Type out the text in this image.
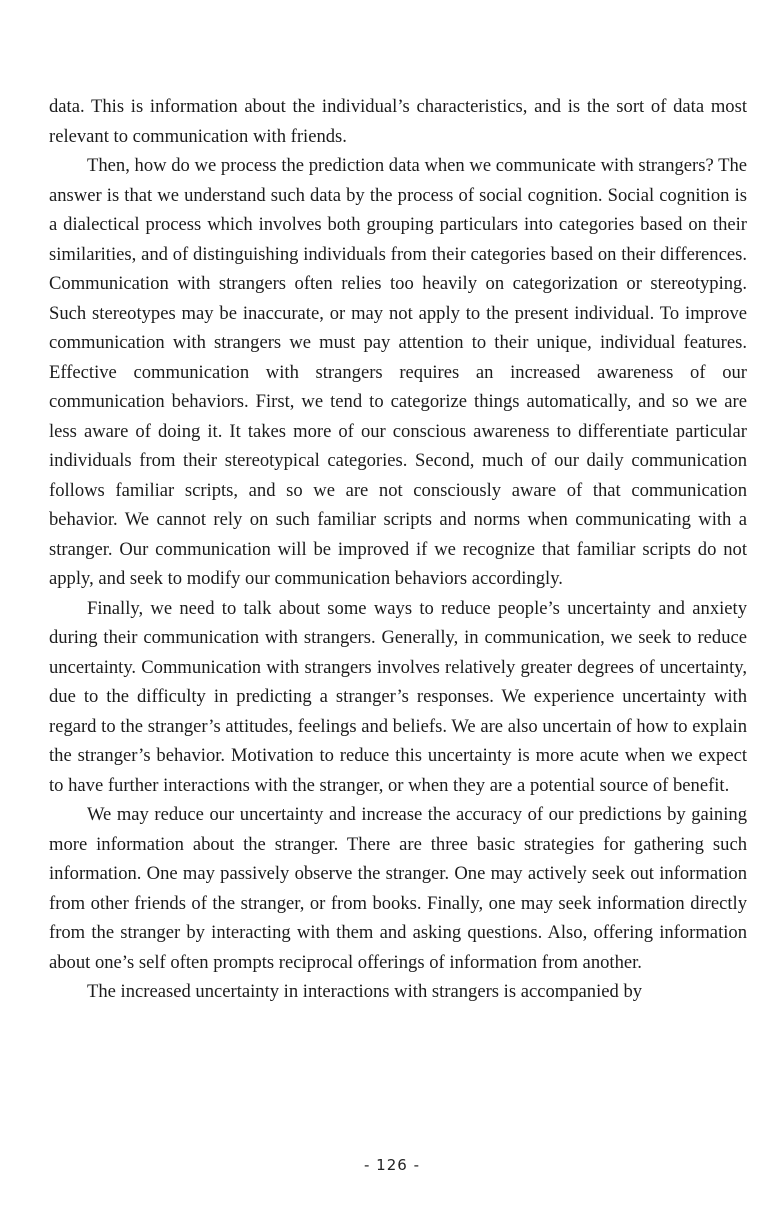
data. This is information about the individual’s characteristics, and is the sort of data most relevant to communication with friends.

Then, how do we process the prediction data when we communicate with strangers? The answer is that we understand such data by the process of social cognition. Social cognition is a dialectical process which involves both grouping particulars into categories based on their similarities, and of distinguishing individuals from their categories based on their differences. Communication with strangers often relies too heavily on categorization or stereotyping. Such stereotypes may be inaccurate, or may not apply to the present individual. To improve communication with strangers we must pay attention to their unique, individual features. Effective communication with strangers requires an increased awareness of our communication behaviors. First, we tend to categorize things automatically, and so we are less aware of doing it. It takes more of our conscious awareness to differentiate particular individuals from their stereotypical categories. Second, much of our daily communication follows familiar scripts, and so we are not consciously aware of that communication behavior. We cannot rely on such familiar scripts and norms when communicating with a stranger. Our communication will be improved if we recognize that familiar scripts do not apply, and seek to modify our communication behaviors accordingly.

Finally, we need to talk about some ways to reduce people’s uncertainty and anxiety during their communication with strangers. Generally, in communication, we seek to reduce uncertainty. Communication with strangers involves relatively greater degrees of uncertainty, due to the difficulty in predicting a stranger’s responses. We experience uncertainty with regard to the stranger’s attitudes, feelings and beliefs. We are also uncertain of how to explain the stranger’s behavior. Motivation to reduce this uncertainty is more acute when we expect to have further interactions with the stranger, or when they are a potential source of benefit.

We may reduce our uncertainty and increase the accuracy of our predictions by gaining more information about the stranger. There are three basic strategies for gathering such information. One may passively observe the stranger. One may actively seek out information from other friends of the stranger, or from books. Finally, one may seek information directly from the stranger by interacting with them and asking questions. Also, offering information about one’s self often prompts reciprocal offerings of information from another.

The increased uncertainty in interactions with strangers is accompanied by

- 126 -
